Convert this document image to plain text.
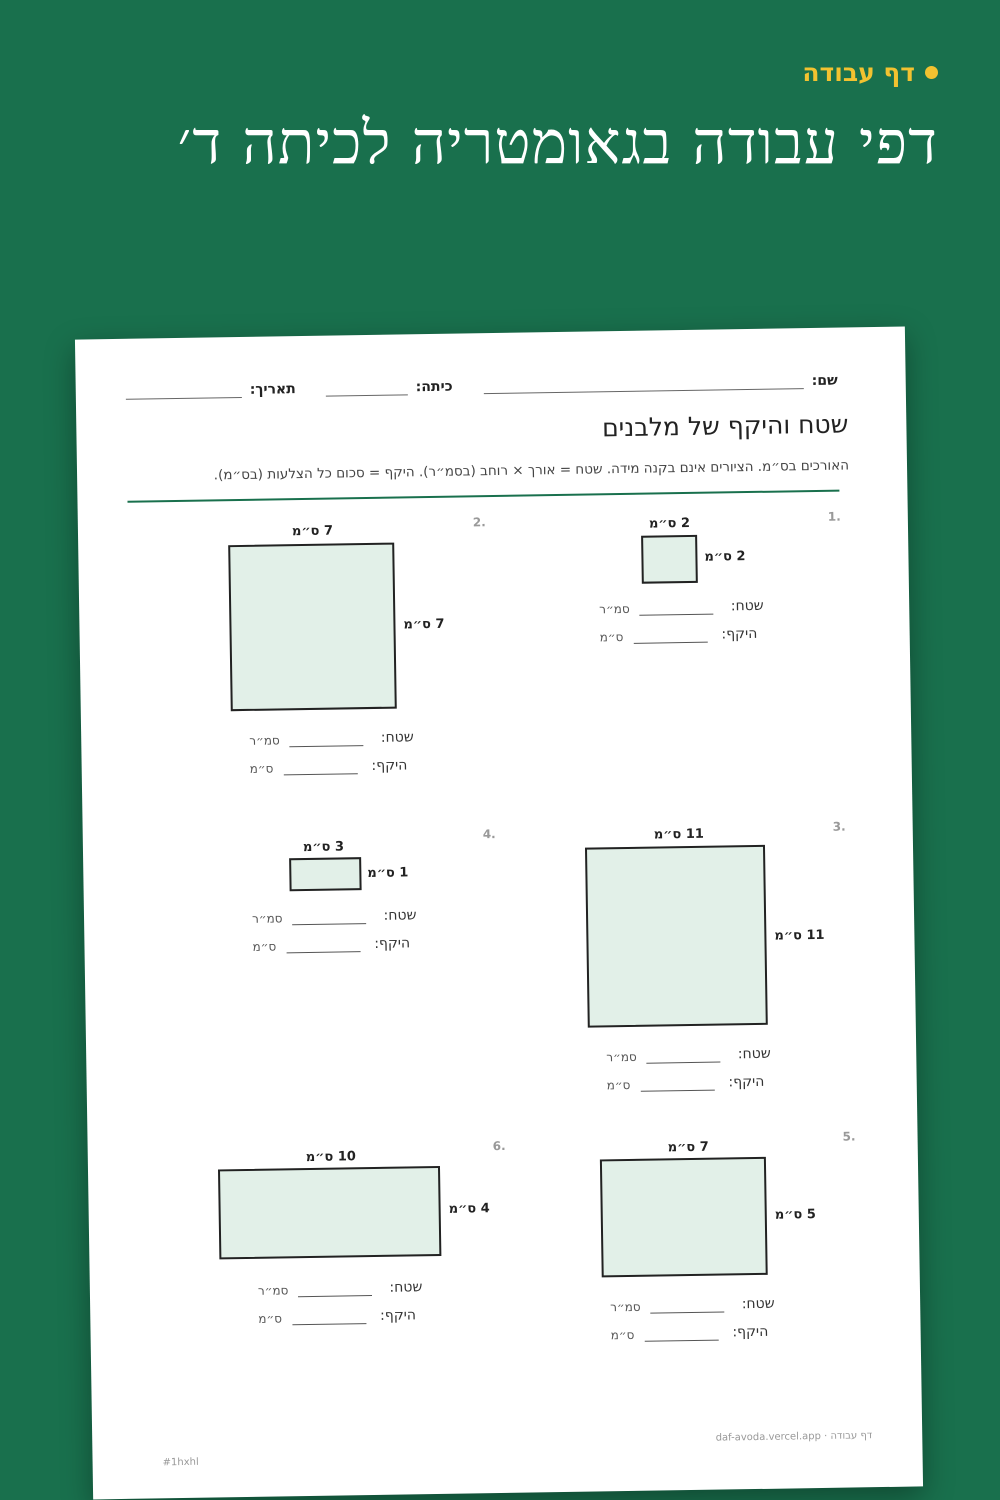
דף עבודה
דפי עבודה בגאומטריה לכיתה ד׳
שם:
כיתה:
תאריך:
שטח והיקף של מלבנים
האורכים בס״מ. הציורים אינם בקנה מידה. שטח = אורך × רוחב (בסמ״ר). היקף = סכום כל הצלעות (בס״מ).
1.
2 ס״מ
2 ס״מ
שטח:
סמ״ר
היקף:
ס״מ
2.
7 ס״מ
7 ס״מ
שטח:
סמ״ר
היקף:
ס״מ
3.
11 ס״מ
11 ס״מ
שטח:
סמ״ר
היקף:
ס״מ
4.
3 ס״מ
1 ס״מ
שטח:
סמ״ר
היקף:
ס״מ
5.
7 ס״מ
5 ס״מ
שטח:
סמ״ר
היקף:
ס״מ
6.
10 ס״מ
4 ס״מ
שטח:
סמ״ר
היקף:
ס״מ
#1hxhl
דף עבודה · daf-avoda.vercel.app
